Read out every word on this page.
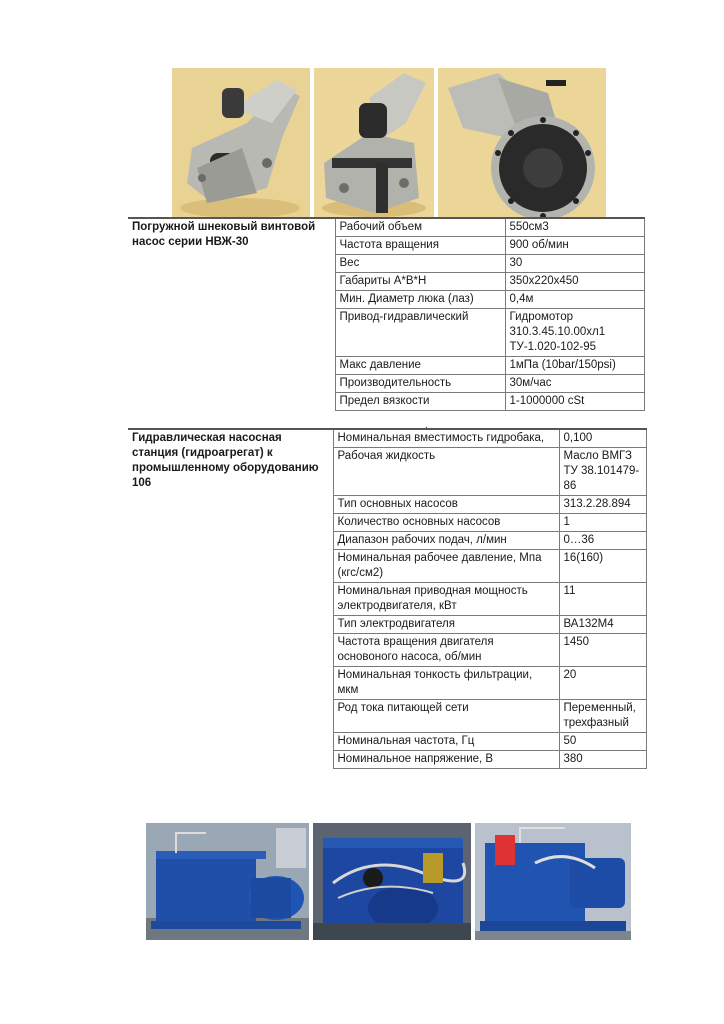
Погружной шнековый винтовой насос серии НВЖ-30	Рабочий объем	550см3
	Частота вращения	900 об/мин
	Вес	30
	Габариты А*В*Н	350x220x450
	Мин. Диаметр люка (лаз)	0,4м
	Привод-гидравлический	Гидромотор 310.3.45.10.00хл1 ТУ-1.020-102-95
	Макс давление	1мПа (10bar/150psi)
	Производительность	30м/час
	Предел вязкости	1-1000000 cSt
.
Гидравлическая насосная станция (гидроагрегат) к промышленному оборудованию 106	Номинальная вместимость гидробака,	0,100
	Рабочая жидкость	Масло ВМГЗ ТУ 38.101479-86
	Тип основных насосов	313.2.28.894
	Количество основных насосов	1
	Диапазон рабочих подач, л/мин	0…36
	Номинальная рабочее давление, Мпа (кгс/см2)	16(160)
	Номинальная приводная мощность электродвигателя, кВт	11
	Тип электродвигателя	ВА132М4
	Частота вращения двигателя основоного насоса, об/мин	1450
	Номинальная тонкость фильтрации, мкм	20
	Род тока питающей сети	Переменный, трехфазный
	Номинальная частота, Гц	50
	Номинальное напряжение, В	380
